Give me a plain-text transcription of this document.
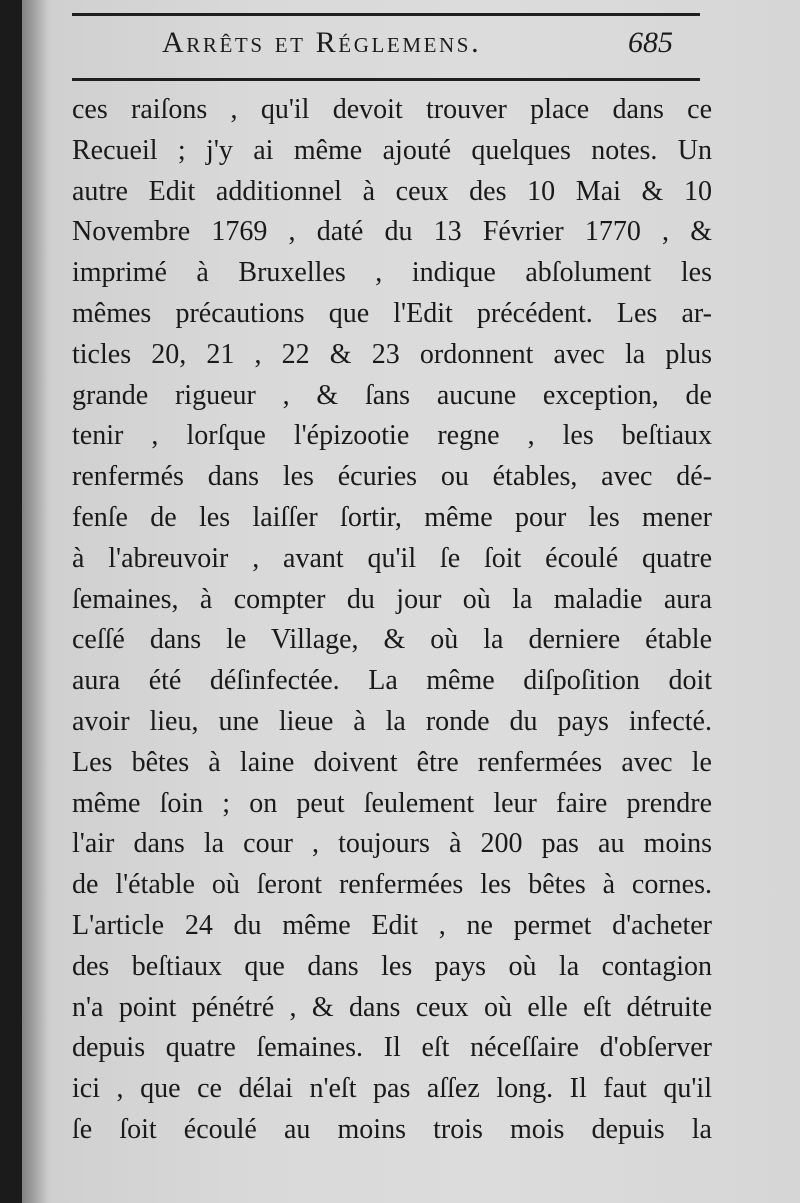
Arrêts et Réglemens.	685
ces raiſons , qu'il devoit trouver place dans ce
Recueil ; j'y ai même ajouté quelques notes. Un
autre Edit additionnel à ceux des 10 Mai & 10
Novembre 1769 , daté du 13 Février 1770 , &
imprimé à Bruxelles , indique abſolument les
mêmes précautions que l'Edit précédent. Les ar-
ticles 20, 21 , 22 & 23 ordonnent avec la plus
grande rigueur , & ſans aucune exception, de
tenir , lorſque l'épizootie regne , les beſtiaux
renfermés dans les écuries ou étables, avec dé-
fenſe de les laiſſer ſortir, même pour les mener
à l'abreuvoir , avant qu'il ſe ſoit écoulé quatre
ſemaines, à compter du jour où la maladie aura
ceſſé dans le Village, & où la derniere étable
aura été déſinfectée. La même diſpoſition doit
avoir lieu, une lieue à la ronde du pays infecté.
Les bêtes à laine doivent être renfermées avec le
même ſoin ; on peut ſeulement leur faire prendre
l'air dans la cour , toujours à 200 pas au moins
de l'étable où ſeront renfermées les bêtes à cornes.
L'article 24 du même Edit , ne permet d'acheter
des beſtiaux que dans les pays où la contagion
n'a point pénétré , & dans ceux où elle eſt détruite
depuis quatre ſemaines. Il eſt néceſſaire d'obſerver
ici , que ce délai n'eſt pas aſſez long. Il faut qu'il
ſe ſoit écoulé au moins trois mois depuis la
